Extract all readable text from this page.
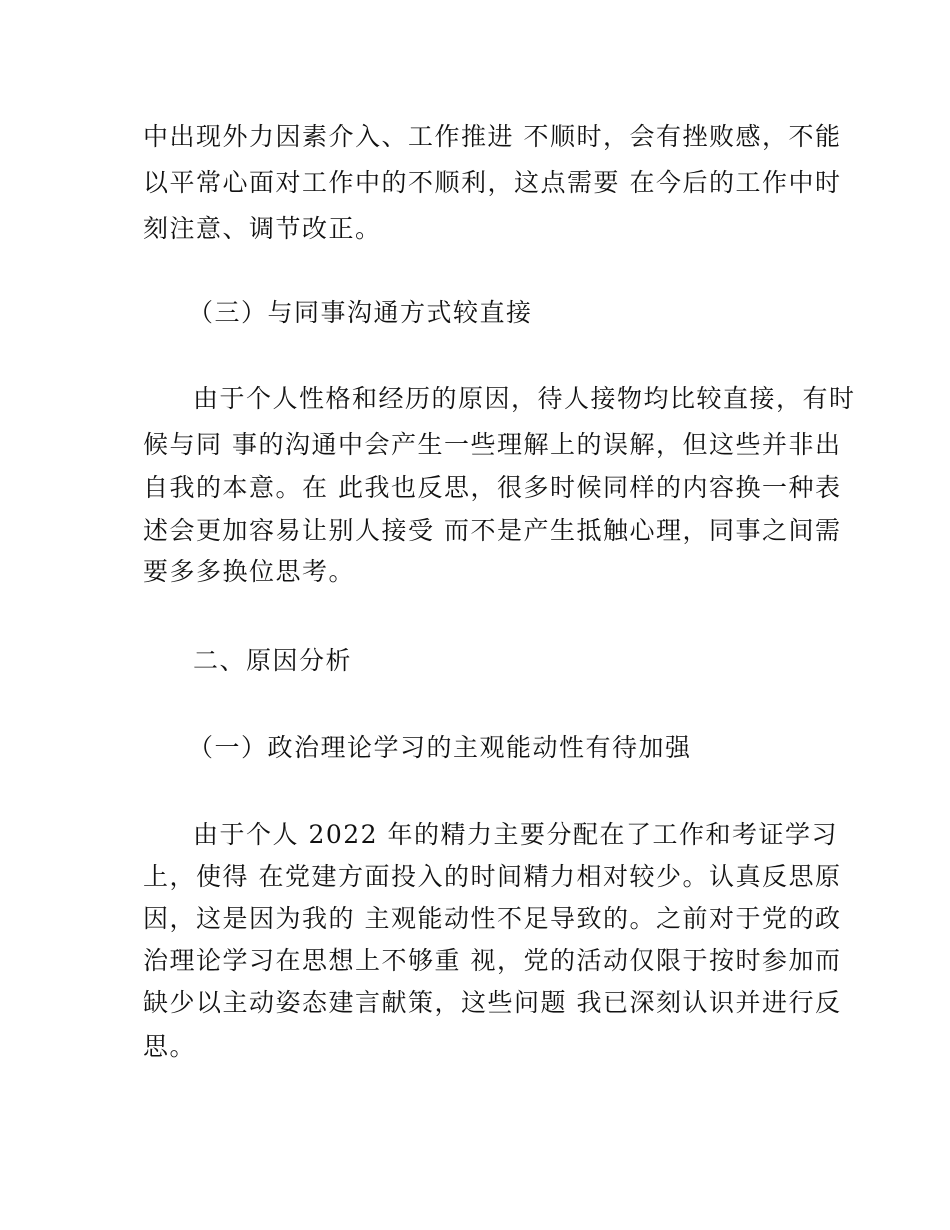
中出现外力因素介入、工作推进 不顺时，会有挫败感，不能
以平常心面对工作中的不顺利，这点需要 在今后的工作中时
刻注意、调节改正。
（三）与同事沟通方式较直接
由于个人性格和经历的原因，待人接物均比较直接，有时
候与同 事的沟通中会产生一些理解上的误解，但这些并非出
自我的本意。在 此我也反思，很多时候同样的内容换一种表
述会更加容易让别人接受 而不是产生抵触心理，同事之间需
要多多换位思考。
二、原因分析
（一）政治理论学习的主观能动性有待加强
由于个人 2022 年的精力主要分配在了工作和考证学习
上，使得 在党建方面投入的时间精力相对较少。认真反思原
因，这是因为我的 主观能动性不足导致的。之前对于党的政
治理论学习在思想上不够重 视，党的活动仅限于按时参加而
缺少以主动姿态建言献策，这些问题 我已深刻认识并进行反
思。
